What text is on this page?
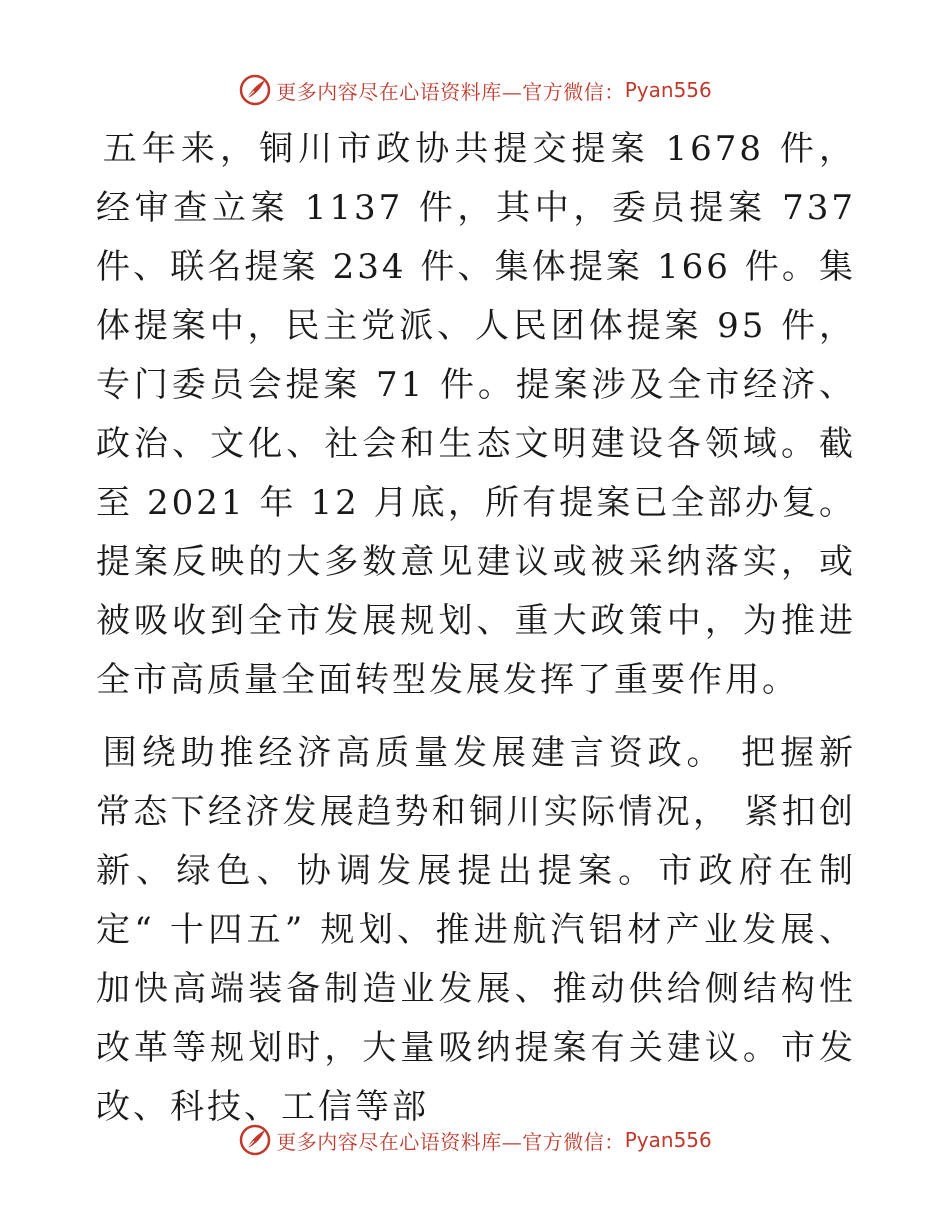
更多内容尽在心语资料库—官方微信： Pyan556

五年来，铜川市政协共提交提案 1678 件，经审查立案 1137 件，其中，委员提案 737 件、联名提案 234 件、集体提案 166 件。集体提案中，民主党派、人民团体提案 95 件，专门委员会提案 71 件。提案涉及全市经济、政治、文化、社会和生态文明建设各领域。截至 2021 年 12 月底，所有提案已全部办复。提案反映的大多数意见建议或被采纳落实，或被吸收到全市发展规划、重大政策中，为推进全市高质量全面转型发展发挥了重要作用。

围绕助推经济高质量发展建言资政。 把握新常态下经济发展趋势和铜川实际情况， 紧扣创新、绿色、协调发展提出提案。市政府在制定“ 十四五” 规划、推进航汽铝材产业发展、加快高端装备制造业发展、推动供给侧结构性改革等规划时，大量吸纳提案有关建议。市发改、科技、工信等部

更多内容尽在心语资料库—官方微信： Pyan556
